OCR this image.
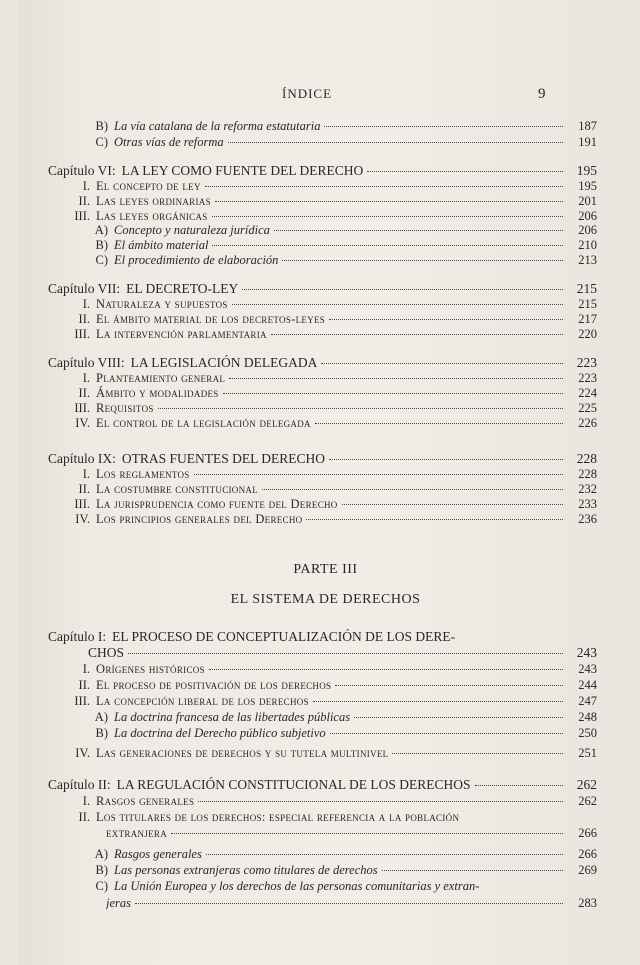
ÍNDICE	9
B) La vía catalana de la reforma estatutaria	187
C) Otras vías de reforma	191
Capítulo VI: LA LEY COMO FUENTE DEL DERECHO	195
I. El concepto de ley	195
II. Las leyes ordinarias	201
III. Las leyes orgánicas	206
A) Concepto y naturaleza jurídica	206
B) El ámbito material	210
C) El procedimiento de elaboración	213
Capítulo VII: EL DECRETO-LEY	215
I. Naturaleza y supuestos	215
II. El ámbito material de los decretos-leyes	217
III. La intervención parlamentaria	220
Capítulo VIII: LA LEGISLACIÓN DELEGADA	223
I. Planteamiento general	223
II. Ámbito y modalidades	224
III. Requisitos	225
IV. El control de la legislación delegada	226
Capítulo IX: OTRAS FUENTES DEL DERECHO	228
I. Los reglamentos	228
II. La costumbre constitucional	232
III. La jurisprudencia como fuente del Derecho	233
IV. Los principios generales del Derecho	236
Capítulo I: EL PROCESO DE CONCEPTUALIZACIÓN DE LOS DERE-
CHOS	243
I. Orígenes históricos	243
II. El proceso de positivación de los derechos	244
III. La concepción liberal de los derechos	247
A) La doctrina francesa de las libertades públicas	248
B) La doctrina del Derecho público subjetivo	250
IV. Las generaciones de derechos y su tutela multinivel	251
Capítulo II: LA REGULACIÓN CONSTITUCIONAL DE LOS DERECHOS	262
I. Rasgos generales	262
II. Los titulares de los derechos: especial referencia a la población
extranjera	266
A) Rasgos generales	266
B) Las personas extranjeras como titulares de derechos	269
C) La Unión Europea y los derechos de las personas comunitarias y extran-
jeras	283
PARTE III
EL SISTEMA DE DERECHOS
